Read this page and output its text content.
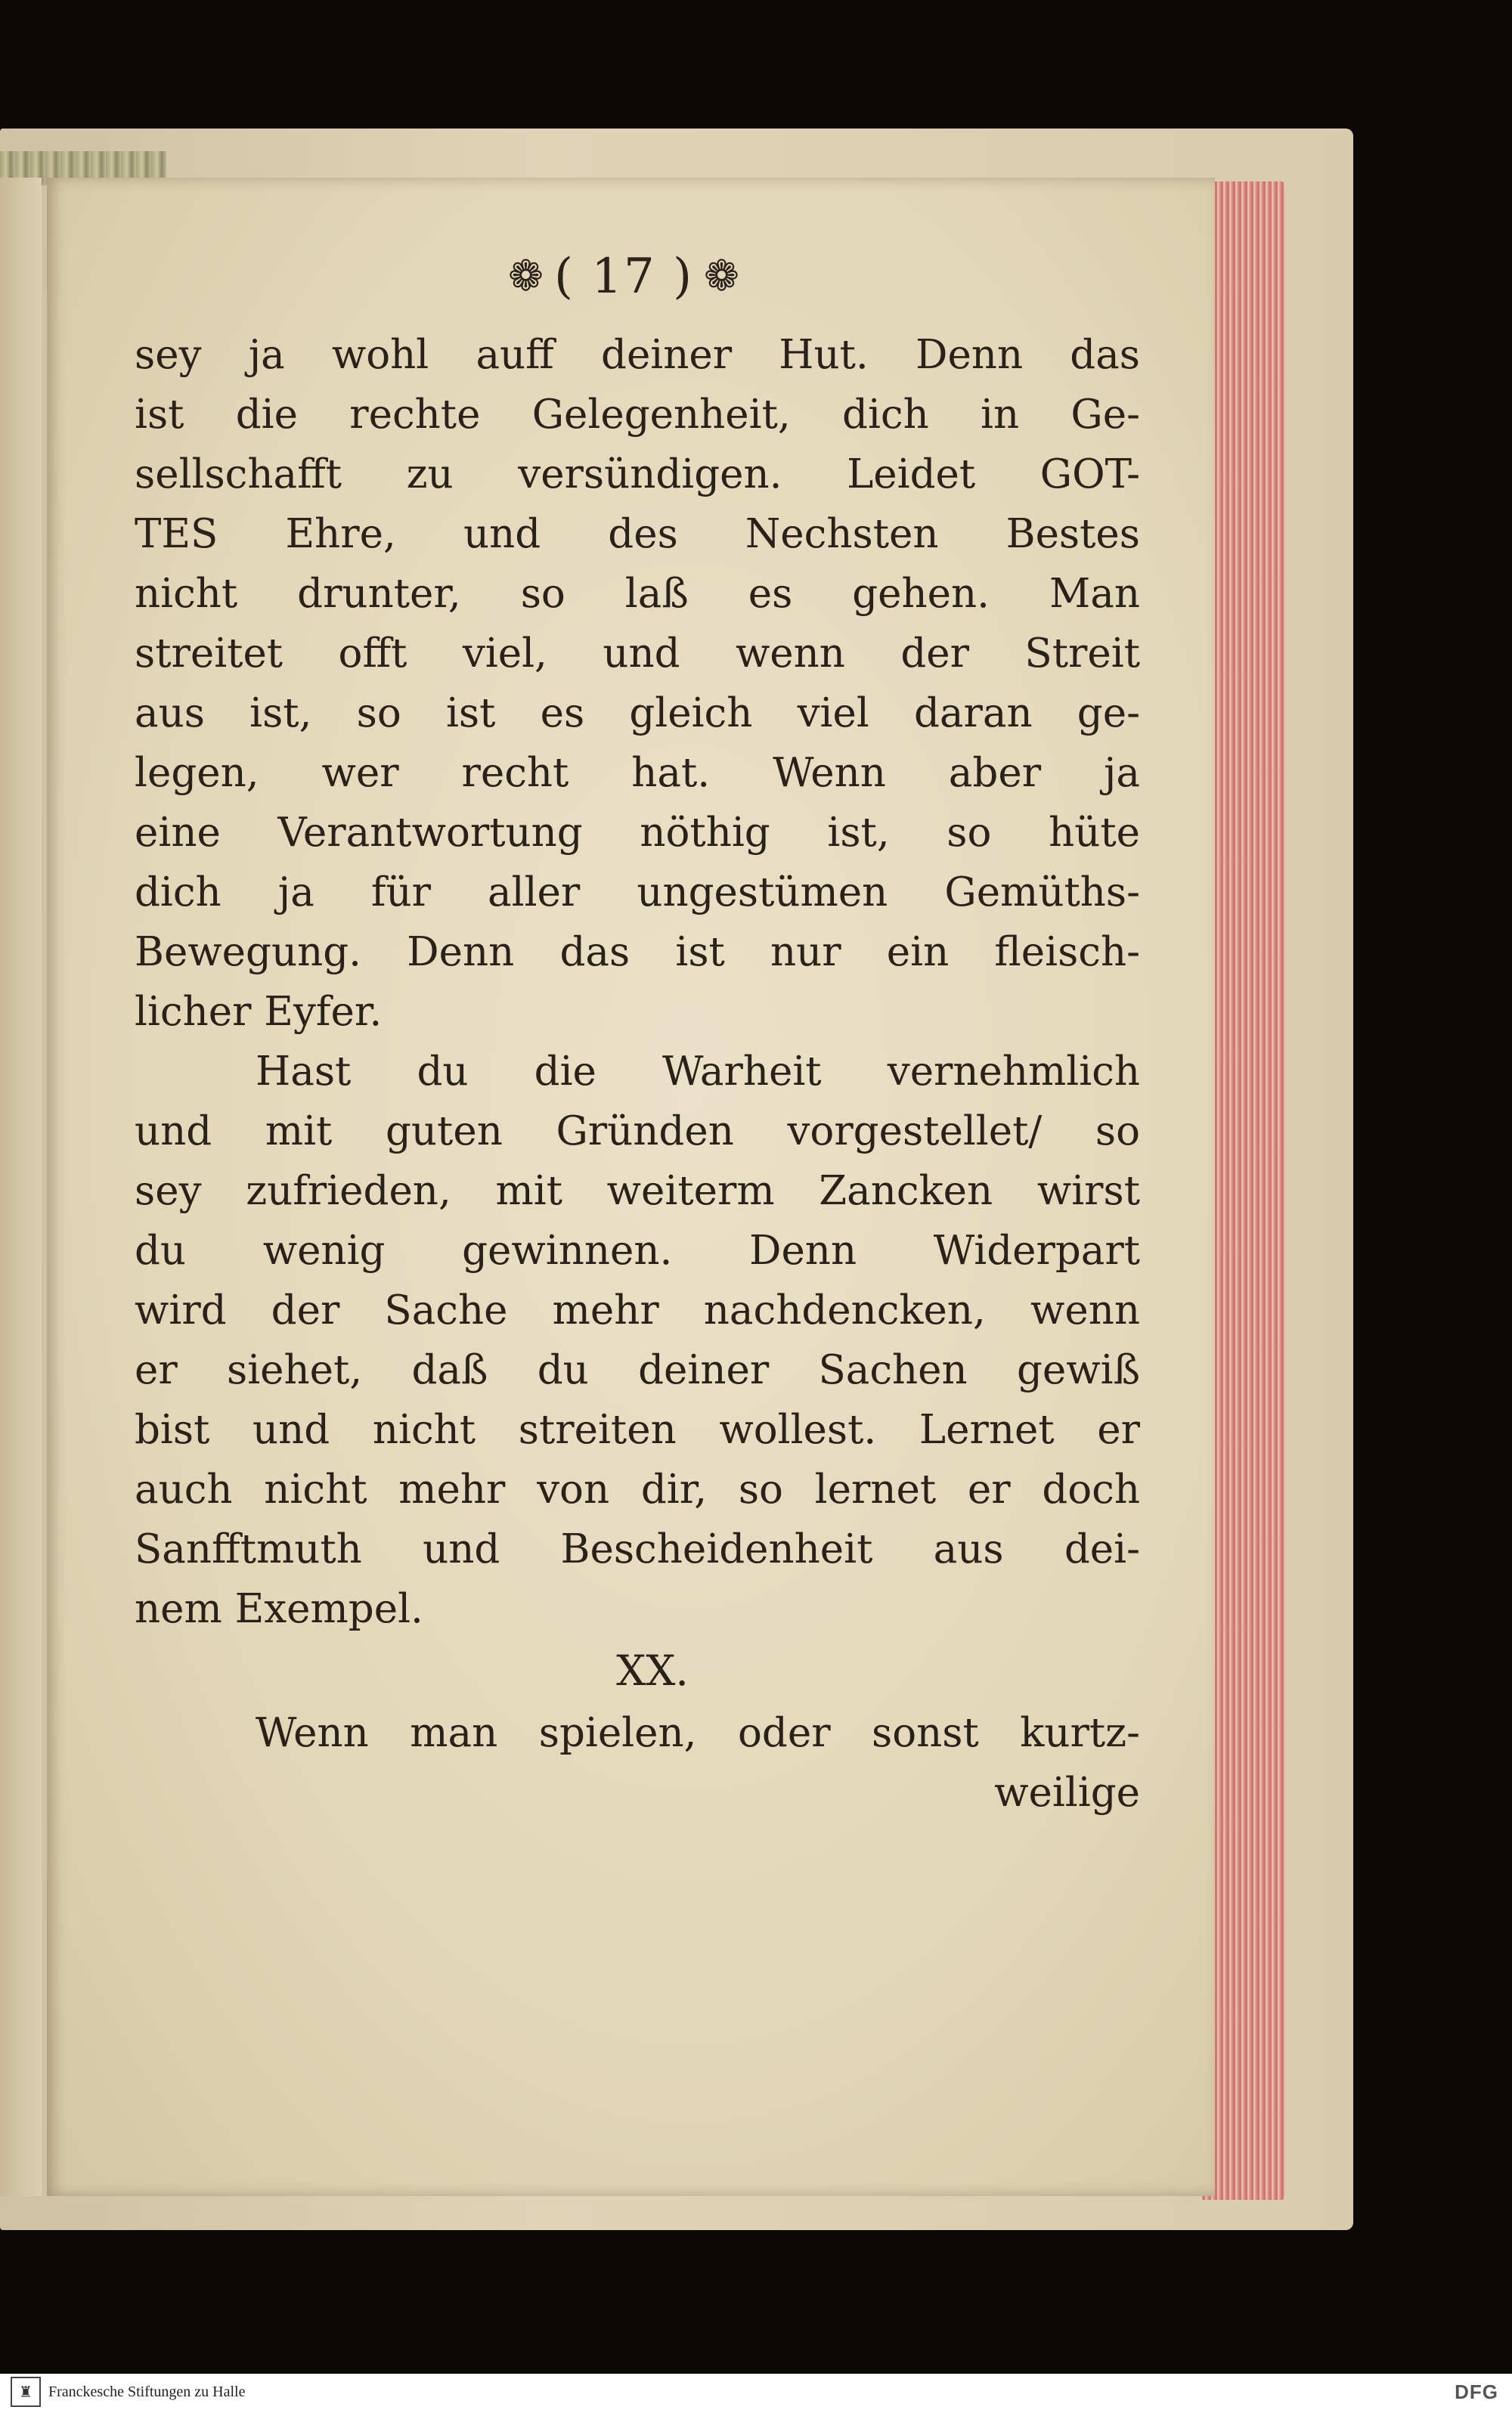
❁ ( 17 ) ❁
sey ja wohl auff deiner Hut. Denn das
ist die rechte Gelegenheit, dich in Ge-
sellschafft zu versündigen. Leidet GOT-
TES Ehre, und des Nechsten Bestes
nicht drunter, so laß es gehen. Man
streitet offt viel, und wenn der Streit
aus ist, so ist es gleich viel daran ge-
legen, wer recht hat. Wenn aber ja
eine Verantwortung nöthig ist, so hüte
dich ja für aller ungestümen Gemüths-
Bewegung. Denn das ist nur ein fleisch-
licher Eyfer.
Hast du die Warheit vernehmlich
und mit guten Gründen vorgestellet/ so
sey zufrieden, mit weiterm Zancken wirst
du wenig gewinnen. Denn Widerpart
wird der Sache mehr nachdencken, wenn
er siehet, daß du deiner Sachen gewiß
bist und nicht streiten wollest. Lernet er
auch nicht mehr von dir, so lernet er doch
Sanfftmuth und Bescheidenheit aus dei-
nem Exempel.
XX.
Wenn man spielen, oder sonst kurtz-
weilige
♜	Franckesche Stiftungen zu Halle	DFG
